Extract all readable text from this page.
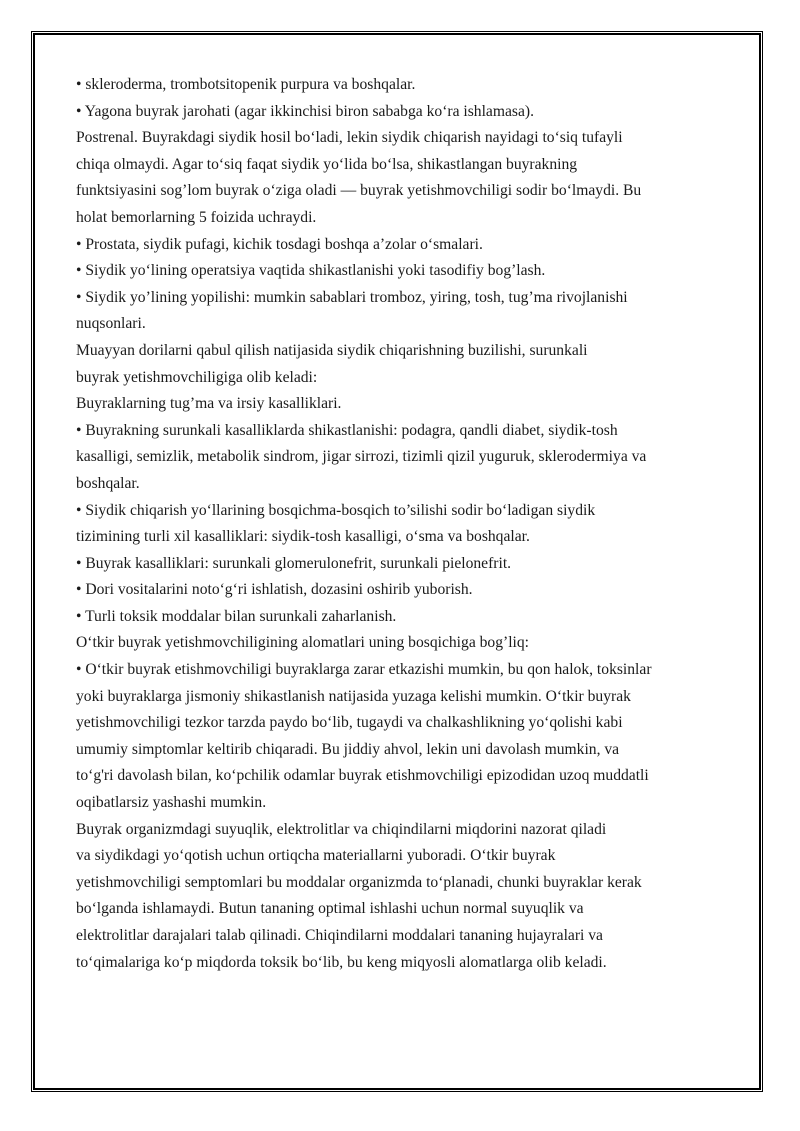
• skleroderma, trombotsitopenik purpura va boshqalar.
• Yagona buyrak jarohati (agar ikkinchisi biron sababga ko‘ra ishlamasa).
Postrenal. Buyrakdagi siydik hosil bo‘ladi, lekin siydik chiqarish nayidagi to‘siq tufayli
chiqa olmaydi. Agar to‘siq faqat siydik yo‘lida bo‘lsa, shikastlangan buyrakning
funktsiyasini sog’lom buyrak o‘ziga oladi — buyrak yetishmovchiligi sodir bo‘lmaydi. Bu
holat bemorlarning 5 foizida uchraydi.
• Prostata, siydik pufagi, kichik tosdagi boshqa a’zolar o‘smalari.
• Siydik yo‘lining operatsiya vaqtida shikastlanishi yoki tasodifiy bog’lash.
• Siydik yo’lining yopilishi: mumkin sabablari tromboz, yiring, tosh, tug’ma rivojlanishi
nuqsonlari.
Muayyan dorilarni qabul qilish natijasida siydik chiqarishning buzilishi, surunkali
buyrak yetishmovchiligiga olib keladi:
Buyraklarning tug’ma va irsiy kasalliklari.
• Buyrakning surunkali kasalliklarda shikastlanishi: podagra, qandli diabet, siydik-tosh
kasalligi, semizlik, metabolik sindrom, jigar sirrozi, tizimli qizil yuguruk, sklerodermiya va
boshqalar.
• Siydik chiqarish yo‘llarining bosqichma-bosqich to’silishi sodir bo‘ladigan siydik
tizimining turli xil kasalliklari: siydik-tosh kasalligi, o‘sma va boshqalar.
• Buyrak kasalliklari: surunkali glomerulonefrit, surunkali pielonefrit.
• Dori vositalarini noto‘g‘ri ishlatish, dozasini oshirib yuborish.
• Turli toksik moddalar bilan surunkali zaharlanish.
O‘tkir buyrak yetishmovchiligining alomatlari uning bosqichiga bog’liq:
• O‘tkir buyrak etishmovchiligi buyraklarga zarar etkazishi mumkin, bu qon halok, toksinlar
yoki buyraklarga jismoniy shikastlanish natijasida yuzaga kelishi mumkin. O‘tkir buyrak
yetishmovchiligi tezkor tarzda paydo bo‘lib, tugaydi va chalkashlikning yo‘qolishi kabi
umumiy simptomlar keltirib chiqaradi. Bu jiddiy ahvol, lekin uni davolash mumkin, va
to‘g'ri davolash bilan, ko‘pchilik odamlar buyrak etishmovchiligi epizodidan uzoq muddatli
oqibatlarsiz yashashi mumkin.
Buyrak organizmdagi suyuqlik, elektrolitlar va chiqindilarni miqdorini nazorat qiladi
va siydikdagi yo‘qotish uchun ortiqcha materiallarni yuboradi. O‘tkir buyrak
yetishmovchiligi semptomlari bu moddalar organizmda to‘planadi, chunki buyraklar kerak
bo‘lganda ishlamaydi. Butun tananing optimal ishlashi uchun normal suyuqlik va
elektrolitlar darajalari talab qilinadi. Chiqindilarni moddalari tananing hujayralari va
to‘qimalariga ko‘p miqdorda toksik bo‘lib, bu keng miqyosli alomatlarga olib keladi.
